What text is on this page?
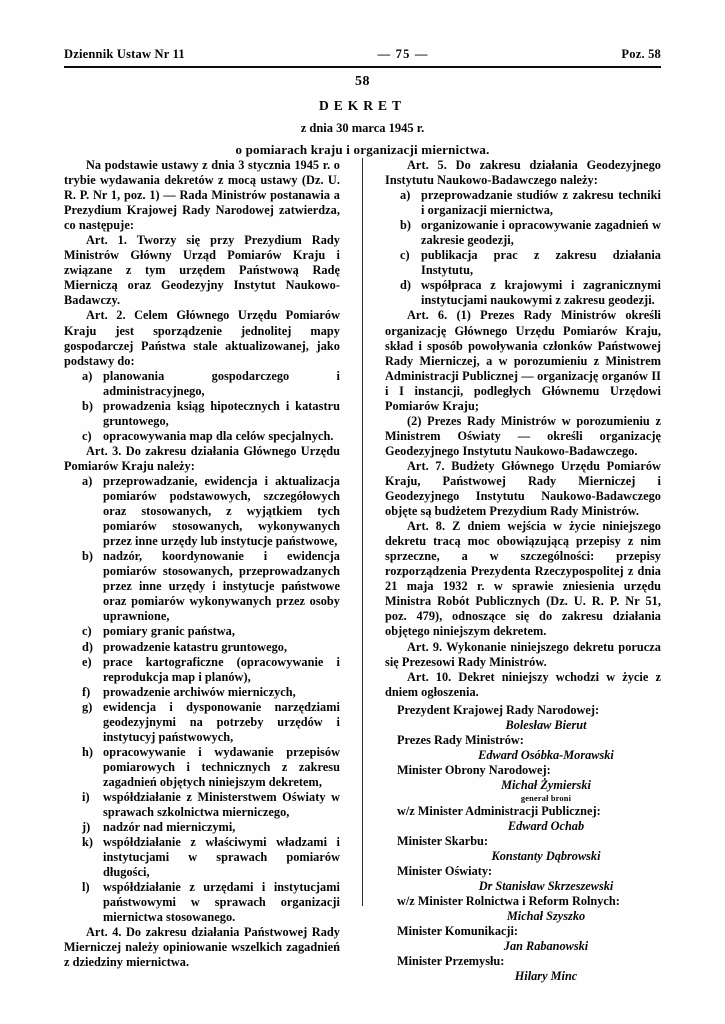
Dziennik Ustaw Nr 11	— 75 —	Poz. 58

58

DEKRET

z dnia 30 marca 1945 r.

o pomiarach kraju i organizacji miernictwa.

Na podstawie ustawy z dnia 3 stycznia 1945 r. o trybie wydawania dekretów z mocą ustawy (Dz. U. R. P. Nr 1, poz. 1) — Rada Ministrów postanawia a Prezydium Krajowej Rady Narodowej zatwierdza, co następuje:

Art. 1. Tworzy się przy Prezydium Rady Ministrów Główny Urząd Pomiarów Kraju i związane z tym urzędem Państwową Radę Mierniczą oraz Geodezyjny Instytut Naukowo-Badawczy.

Art. 2. Celem Głównego Urzędu Pomiarów Kraju jest sporządzenie jednolitej mapy gospodarczej Państwa stale aktualizowanej, jako podstawy do:

a) planowania gospodarczego i administracyjnego,
b) prowadzenia ksiąg hipotecznych i katastru gruntowego,
c) opracowywania map dla celów specjalnych.

Art. 3. Do zakresu działania Głównego Urzędu Pomiarów Kraju należy:

a) przeprowadzanie, ewidencja i aktualizacja pomiarów podstawowych, szczegółowych oraz stosowanych, z wyjątkiem tych pomiarów stosowanych, wykonywanych przez inne urzędy lub instytucje państwowe,
b) nadzór, koordynowanie i ewidencja pomiarów stosowanych, przeprowadzanych przez inne urzędy i instytucje państwowe oraz pomiarów wykonywanych przez osoby uprawnione,
c) pomiary granic państwa,
d) prowadzenie katastru gruntowego,
e) prace kartograficzne (opracowywanie i reprodukcja map i planów),
f)	prowadzenie archiwów mierniczych,
g) ewidencja i dysponowanie narzędziami geodezyjnymi na potrzeby urzędów i instytucyj państwowych,
h) opracowywanie i wydawanie przepisów pomiarowych i technicznych z zakresu zagadnień objętych niniejszym dekretem,
i)	współdziałanie z Ministerstwem Oświaty w sprawach szkolnictwa mierniczego,
j)	nadzór nad mierniczymi,
k) współdziałanie z właściwymi władzami i instytucjami w sprawach pomiarów długości,
l)	współdziałanie z urzędami i instytucjami państwowymi w sprawach organizacji miernictwa stosowanego.

Art. 4. Do zakresu działania Państwowej Rady Mierniczej należy opiniowanie wszelkich zagadnień z dziedziny miernictwa.

Art. 5. Do zakresu działania Geodezyjnego Instytutu Naukowo-Badawczego należy:

a) przeprowadzanie studiów z zakresu techniki i organizacji miernictwa,
b) organizowanie i opracowywanie zagadnień w zakresie geodezji,
c) publikacja prac z zakresu działania Instytutu,
d) współpraca z krajowymi i zagranicznymi instytucjami naukowymi z zakresu geodezji.

Art. 6. (1) Prezes Rady Ministrów określi organizację Głównego Urzędu Pomiarów Kraju, skład i sposób powoływania członków Państwowej Rady Mierniczej, a w porozumieniu z Ministrem Administracji Publicznej — organizację organów II i I instancji, podległych Głównemu Urzędowi Pomiarów Kraju;

(2) Prezes Rady Ministrów w porozumieniu z Ministrem Oświaty — określi organizację Geodezyjnego Instytutu Naukowo-Badawczego.

Art. 7. Budżety Głównego Urzędu Pomiarów Kraju, Państwowej Rady Mierniczej i Geodezyjnego Instytutu Naukowo-Badawczego objęte są budżetem Prezydium Rady Ministrów.

Art. 8. Z dniem wejścia w życie niniejszego dekretu tracą moc obowiązującą przepisy z nim sprzeczne, a w szczególności: przepisy rozporządzenia Prezydenta Rzeczypospolitej z dnia 21 maja 1932 r. w sprawie zniesienia urzędu Ministra Robót Publicznych (Dz. U. R. P. Nr 51, poz. 479), odnoszące się do zakresu działania objętego niniejszym dekretem.

Art. 9. Wykonanie niniejszego dekretu porucza się Prezesowi Rady Ministrów.

Art. 10. Dekret niniejszy wchodzi w życie z dniem ogłoszenia.

Prezydent Krajowej Rady Narodowej:

Bolesław Bierut

Prezes Rady Ministrów:

Edward Osóbka-Morawski

Minister Obrony Narodowej:

Michał Żymierski

generał broni

w/z Minister Administracji Publicznej:

Edward Ochab

Minister Skarbu:

Konstanty Dąbrowski

Minister Oświaty:

Dr Stanisław Skrzeszewski

w/z Minister Rolnictwa i Reform Rolnych:

Michał Szyszko

Minister Komunikacji:

Jan Rabanowski

Minister Przemysłu:

Hilary Minc
